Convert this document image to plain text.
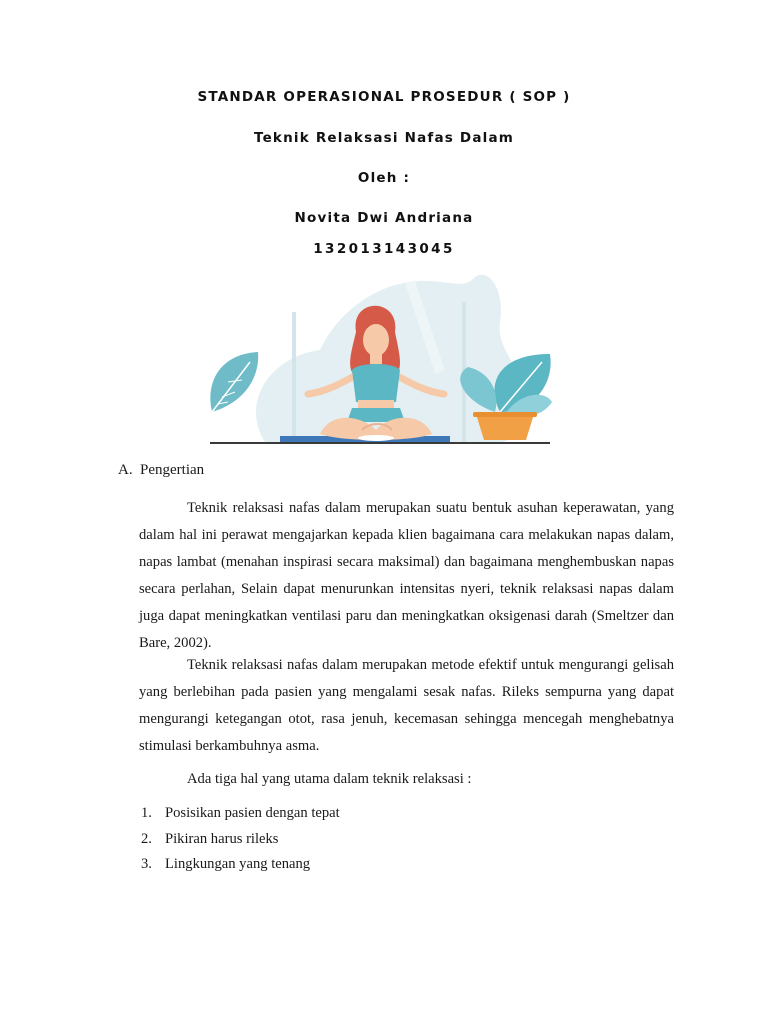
STANDAR OPERASIONAL PROSEDUR ( SOP )
Teknik Relaksasi Nafas Dalam
Oleh :
Novita Dwi Andriana
132013143045
A. Pengertian

Teknik relaksasi nafas dalam merupakan suatu bentuk asuhan keperawatan, yang dalam hal ini perawat mengajarkan kepada klien bagaimana cara melakukan napas dalam, napas lambat (menahan inspirasi secara maksimal) dan bagaimana menghembuskan napas secara perlahan, Selain dapat menurunkan intensitas nyeri, teknik relaksasi napas dalam juga dapat meningkatkan ventilasi paru dan meningkatkan oksigenasi darah (Smeltzer dan Bare, 2002).

Teknik relaksasi nafas dalam merupakan metode efektif untuk mengurangi gelisah yang berlebihan pada pasien yang mengalami sesak nafas. Rileks sempurna yang dapat mengurangi ketegangan otot, rasa jenuh, kecemasan sehingga mencegah menghebatnya stimulasi berkambuhnya asma.

Ada tiga hal yang utama dalam teknik relaksasi :

1. Posisikan pasien dengan tepat
2. Pikiran harus rileks
3. Lingkungan yang tenang
